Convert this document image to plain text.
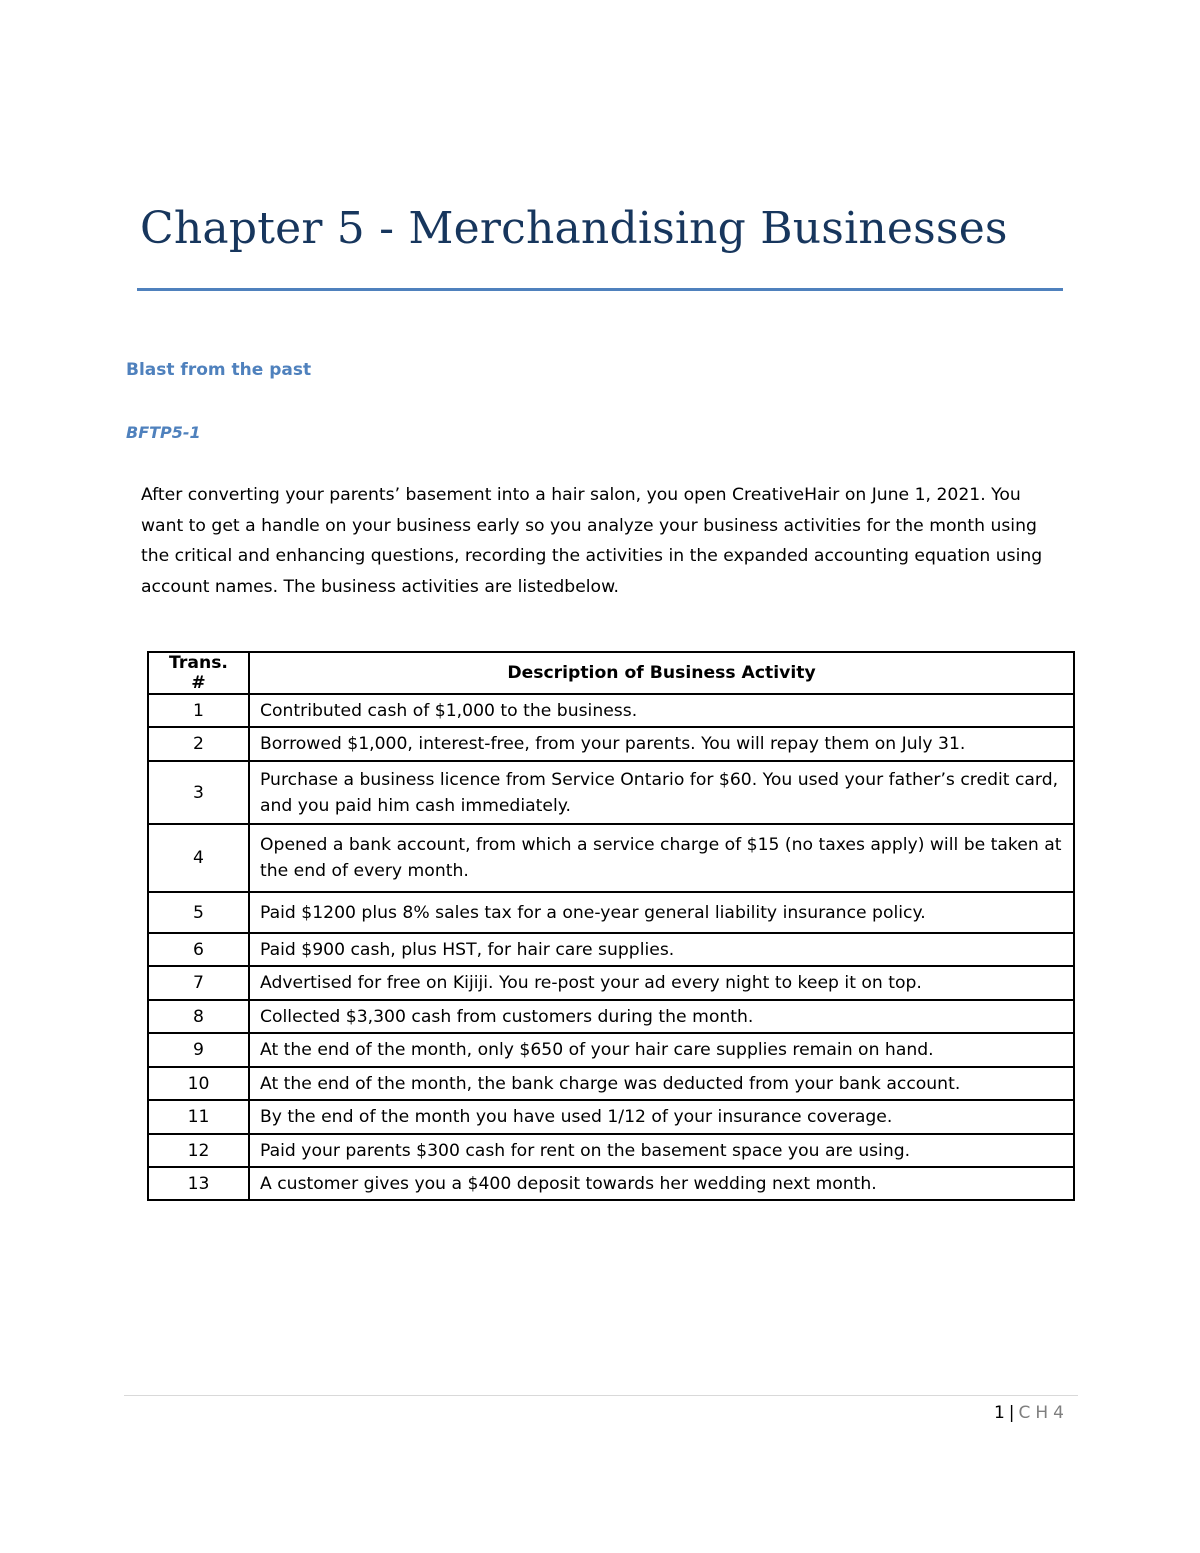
Chapter 5 - Merchandising Businesses
Blast from the past
BFTP5-1

After converting your parents’ basement into a hair salon, you open CreativeHair on June 1, 2021. You want to get a handle on your business early so you analyze your business activities for the month using the critical and enhancing questions, recording the activities in the expanded accounting equation using account names. The business activities are listedbelow.

Trans. #	Description of Business Activity
1	Contributed cash of $1,000 to the business.
2	Borrowed $1,000, interest-free, from your parents. You will repay them on July 31.
3	Purchase a business licence from Service Ontario for $60. You used your father’s credit card, and you paid him cash immediately.
4	Opened a bank account, from which a service charge of $15 (no taxes apply) will be taken at the end of every month.
5	Paid $1200 plus 8% sales tax for a one-year general liability insurance policy.
6	Paid $900 cash, plus HST, for hair care supplies.
7	Advertised for free on Kijiji. You re-post your ad every night to keep it on top.
8	Collected $3,300 cash from customers during the month.
9	At the end of the month, only $650 of your hair care supplies remain on hand.
10	At the end of the month, the bank charge was deducted from your bank account.
11	By the end of the month you have used 1/12 of your insurance coverage.
12	Paid your parents $300 cash for rent on the basement space you are using.
13	A customer gives you a $400 deposit towards her wedding next month.
1 | CH4
